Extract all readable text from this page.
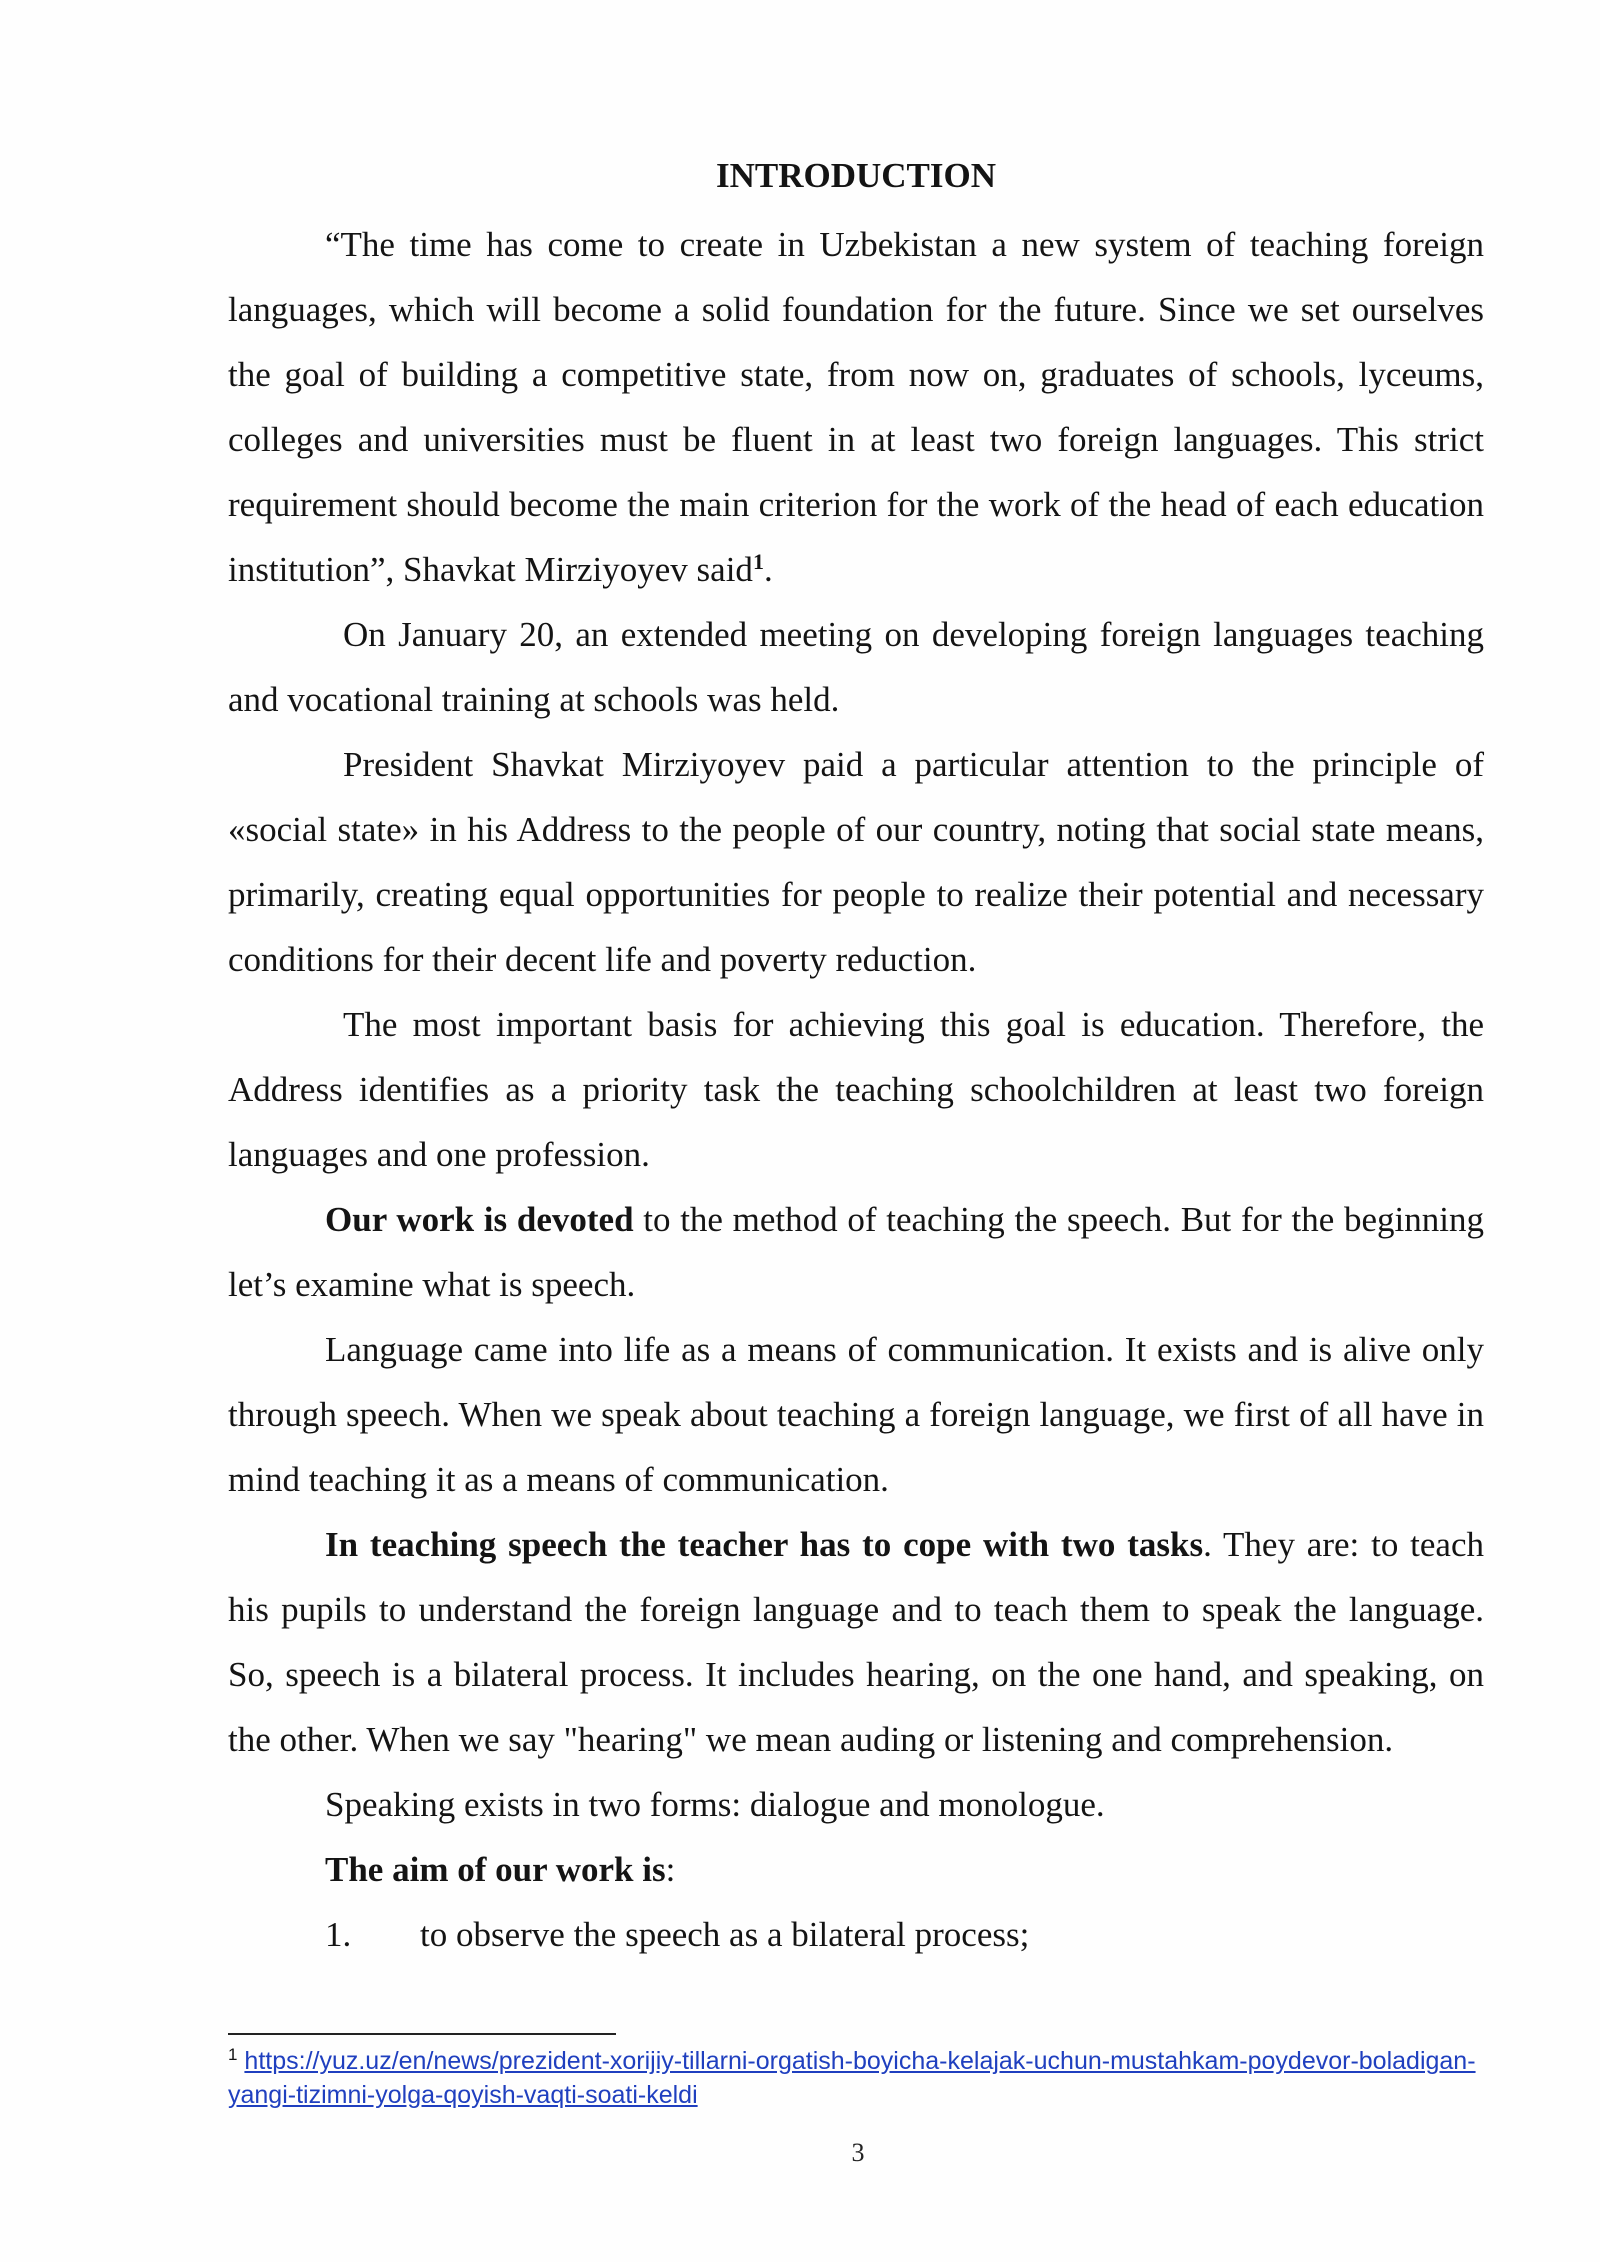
INTRODUCTION

“The time has come to create in Uzbekistan a new system of teaching foreign languages, which will become a solid foundation for the future. Since we set ourselves the goal of building a competitive state, from now on, graduates of schools, lyceums, colleges and universities must be fluent in at least two foreign languages. This strict requirement should become the main criterion for the work of the head of each education institution”, Shavkat Mirziyoyev said$^1$.

On January 20, an extended meeting on developing foreign languages teaching and vocational training at schools was held.

President Shavkat Mirziyoyev paid a particular attention to the principle of «social state» in his Address to the people of our country, noting that social state means, primarily, creating equal opportunities for people to realize their potential and necessary conditions for their decent life and poverty reduction.

The most important basis for achieving this goal is education. Therefore, the Address identifies as a priority task the teaching schoolchildren at least two foreign languages and one profession.

Our work is devoted to the method of teaching the speech. But for the beginning let’s examine what is speech.

Language came into life as a means of communication. It exists and is alive only through speech. When we speak about teaching a foreign language, we first of all have in mind teaching it as a means of communication.

In teaching speech the teacher has to cope with two tasks. They are: to teach his pupils to understand the foreign language and to teach them to speak the language. So, speech is a bilateral process. It includes hearing, on the one hand, and speaking, on the other. When we say "hearing" we mean auding or listening and comprehension.

Speaking exists in two forms: dialogue and monologue.

The aim of our work is:

1. to observe the speech as a bilateral process;

$^1$ https://yuz.uz/en/news/prezident-xorijiy-tillarni-orgatish-boyicha-kelajak-uchun-mustahkam-poydevor-boladigan-yangi-tizimni-yolga-qoyish-vaqti-soati-keldi
3
